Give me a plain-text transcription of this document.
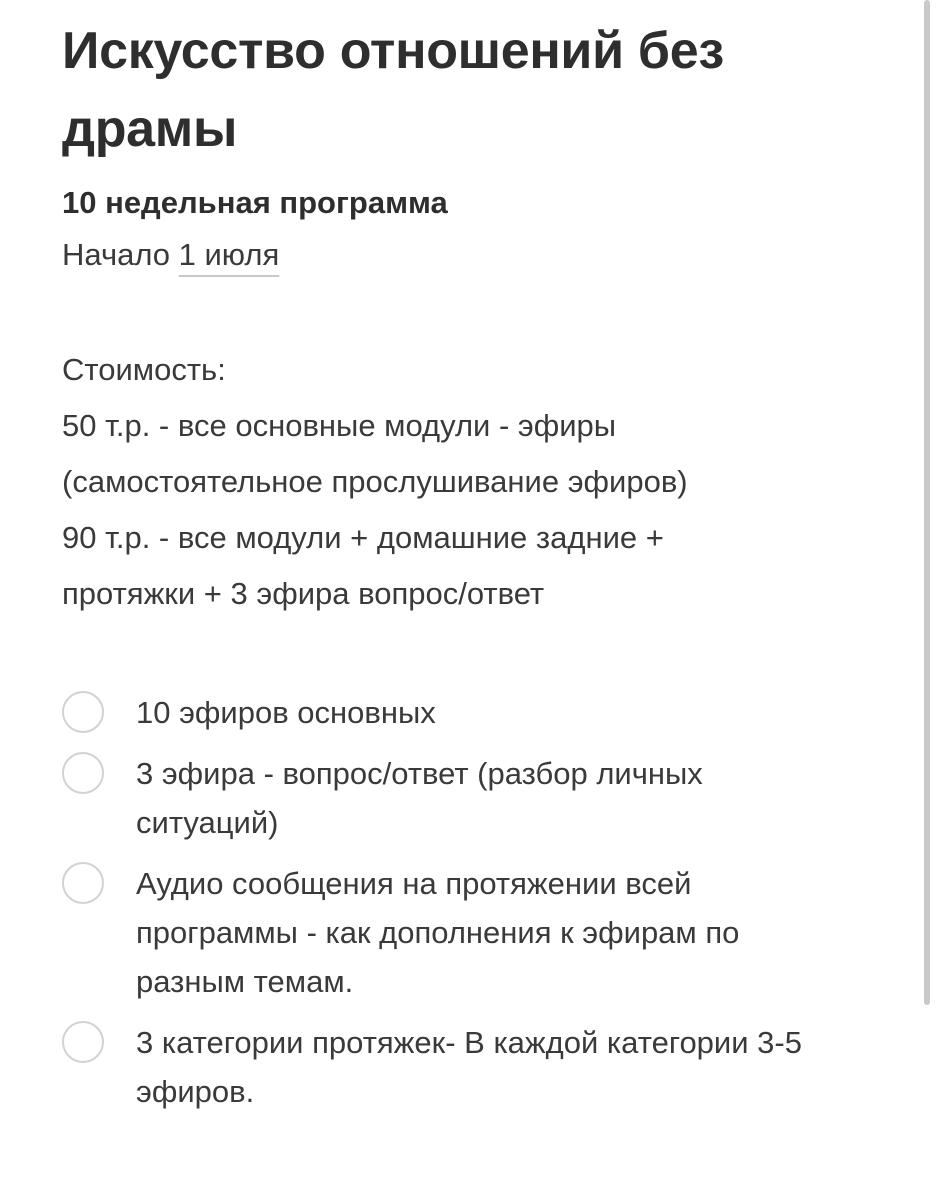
Искусство отношений без драмы

10 недельная программа

Начало 1 июля

Стоимость:

50 т.р. - все основные модули - эфиры

(самостоятельное прослушивание эфиров)

90 т.р. - все модули + домашние задние +

протяжки + 3 эфира вопрос/ответ

10 эфиров основных
3 эфира - вопрос/ответ (разбор личных ситуаций)
Аудио сообщения на протяжении всей программы - как дополнения к эфирам по разным темам.
3 категории протяжек- В каждой категории 3-5 эфиров.
